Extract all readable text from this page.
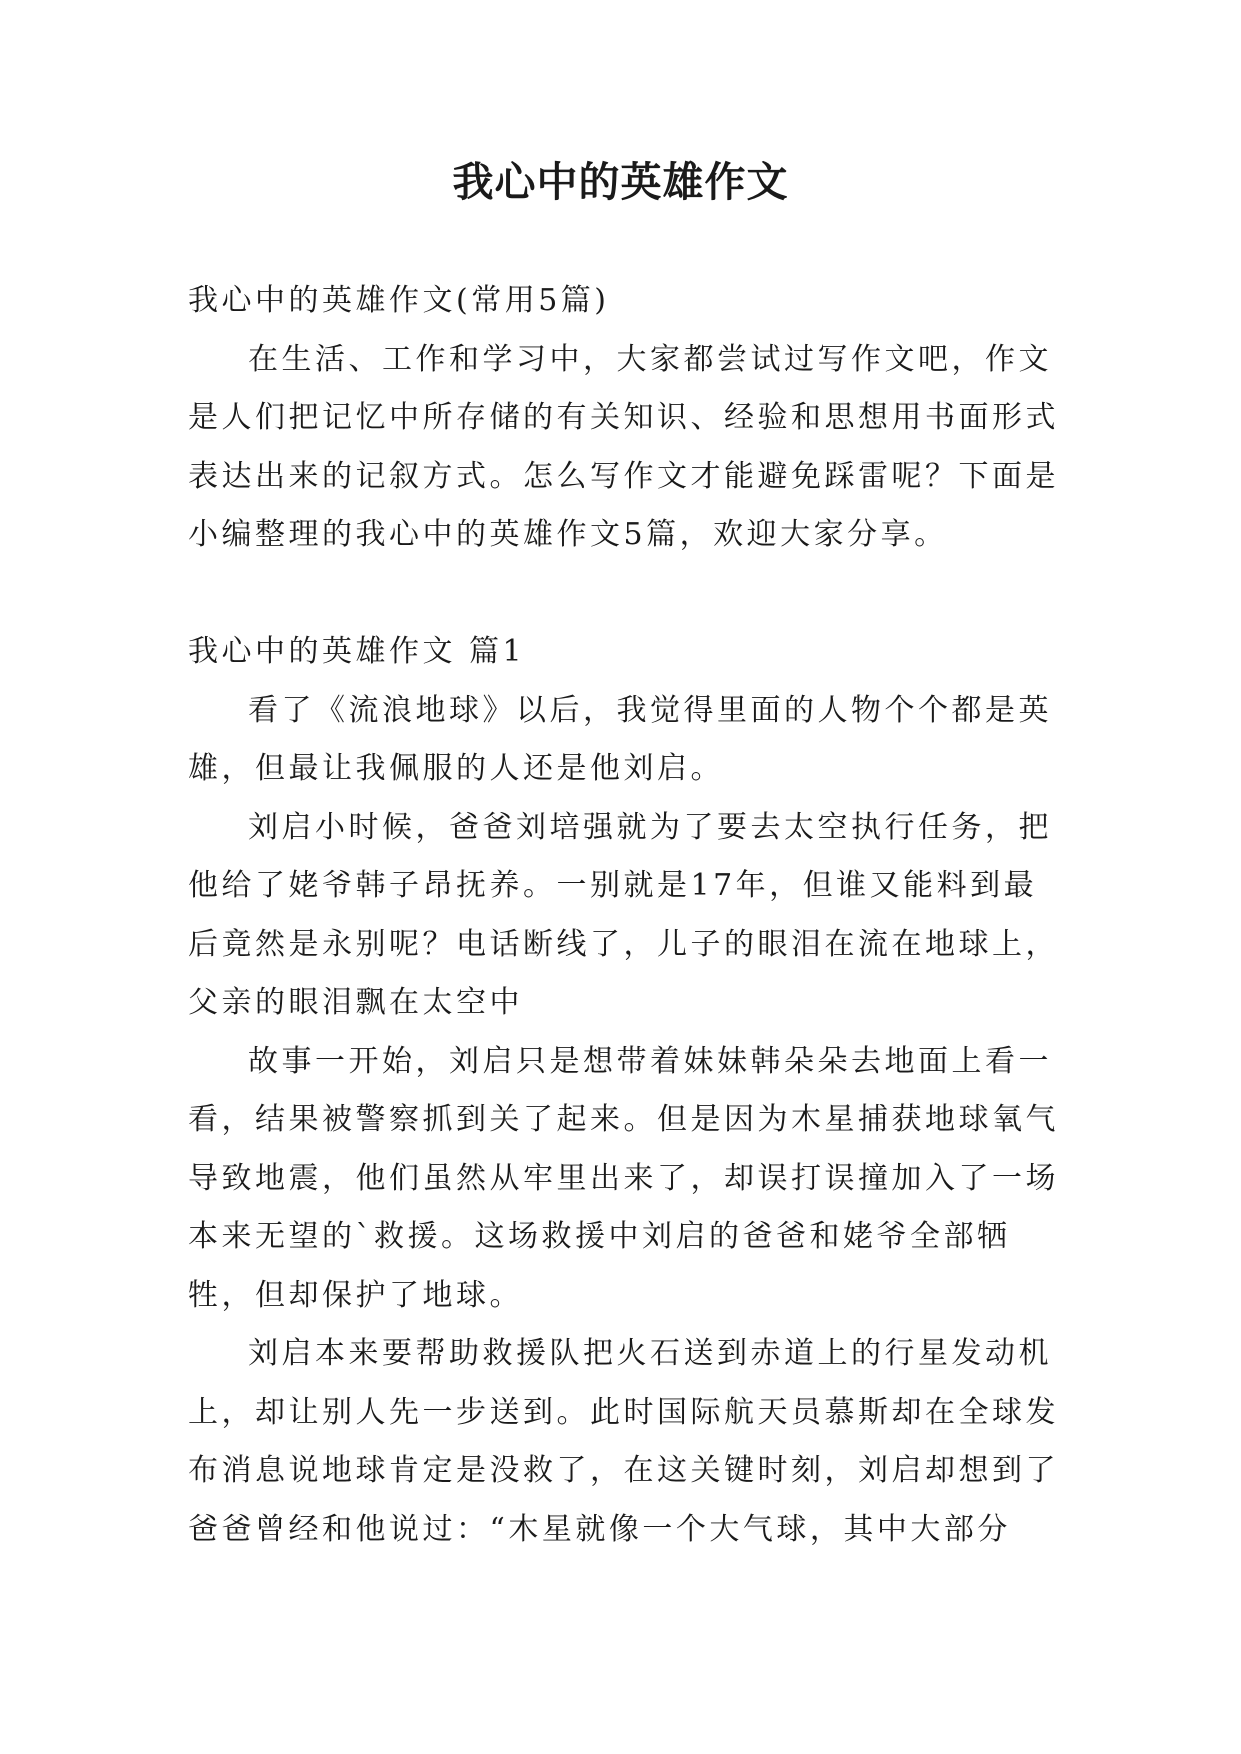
我心中的英雄作文

我心中的英雄作文(常用5篇)

在生活、工作和学习中，大家都尝试过写作文吧，作文是人们把记忆中所存储的有关知识、经验和思想用书面形式表达出来的记叙方式。怎么写作文才能避免踩雷呢？下面是小编整理的我心中的英雄作文5篇，欢迎大家分享。

我心中的英雄作文 篇1

看了《流浪地球》以后，我觉得里面的人物个个都是英雄，但最让我佩服的人还是他刘启。

刘启小时候，爸爸刘培强就为了要去太空执行任务，把他给了姥爷韩子昂抚养。一别就是17年，但谁又能料到最后竟然是永别呢？电话断线了，儿子的眼泪在流在地球上，父亲的眼泪飘在太空中

故事一开始，刘启只是想带着妹妹韩朵朵去地面上看一看，结果被警察抓到关了起来。但是因为木星捕获地球氧气导致地震，他们虽然从牢里出来了，却误打误撞加入了一场本来无望的`救援。这场救援中刘启的爸爸和姥爷全部牺牲，但却保护了地球。

刘启本来要帮助救援队把火石送到赤道上的行星发动机上，却让别人先一步送到。此时国际航天员慕斯却在全球发布消息说地球肯定是没救了，在这关键时刻，刘启却想到了爸爸曾经和他说过：“木星就像一个大气球，其中大部分
